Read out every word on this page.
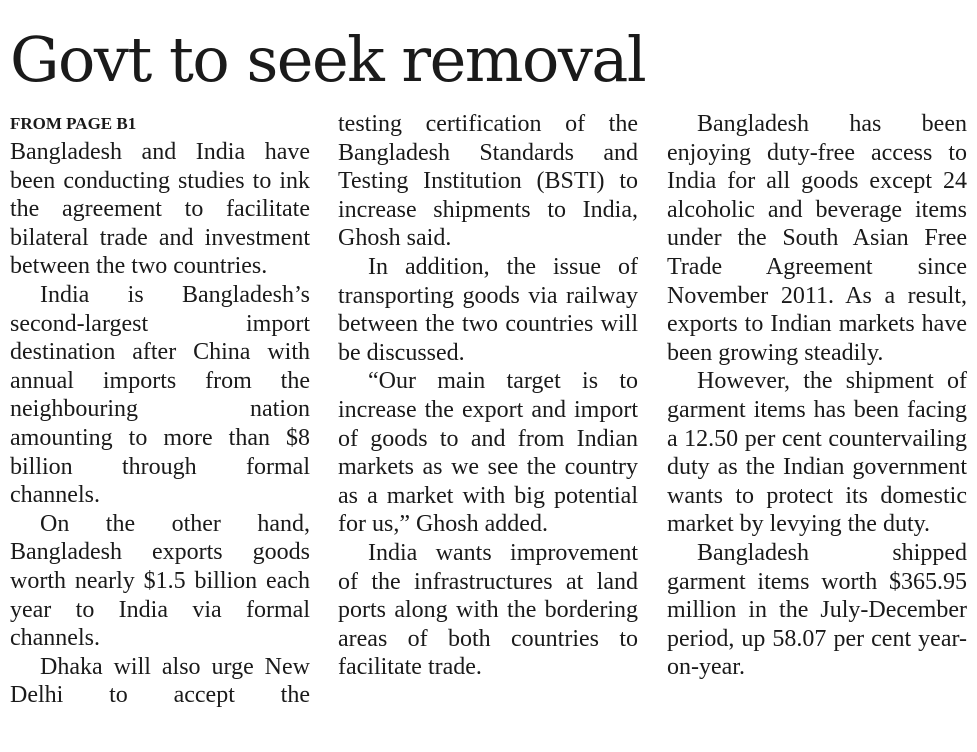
Govt to seek removal
FROM PAGE B1

Bangladesh and India have been conducting studies to ink the agreement to facilitate bilateral trade and investment between the two countries.

India is Bangladesh’s second-largest import destination after China with annual imports from the neighbouring nation amounting to more than $8 billion through formal channels.

On the other hand, Bangladesh exports goods worth nearly $1.5 billion each year to India via formal channels.

Dhaka will also urge New Delhi to accept the

testing certification of the Bangladesh Standards and Testing Institution (BSTI) to increase shipments to India, Ghosh said.

In addition, the issue of transporting goods via railway between the two countries will be discussed.

“Our main target is to increase the export and import of goods to and from Indian markets as we see the country as a market with big potential for us,” Ghosh added.

India wants improvement of the infrastructures at land ports along with the bordering areas of both countries to facilitate trade.

Bangladesh has been enjoying duty-free access to India for all goods except 24 alcoholic and beverage items under the South Asian Free Trade Agreement since November 2011. As a result, exports to Indian markets have been growing steadily.

However, the shipment of garment items has been facing a 12.50 per cent countervailing duty as the Indian government wants to protect its domestic market by levying the duty.

Bangladesh shipped garment items worth $365.95 million in the July-December period, up 58.07 per cent year-on-year.
